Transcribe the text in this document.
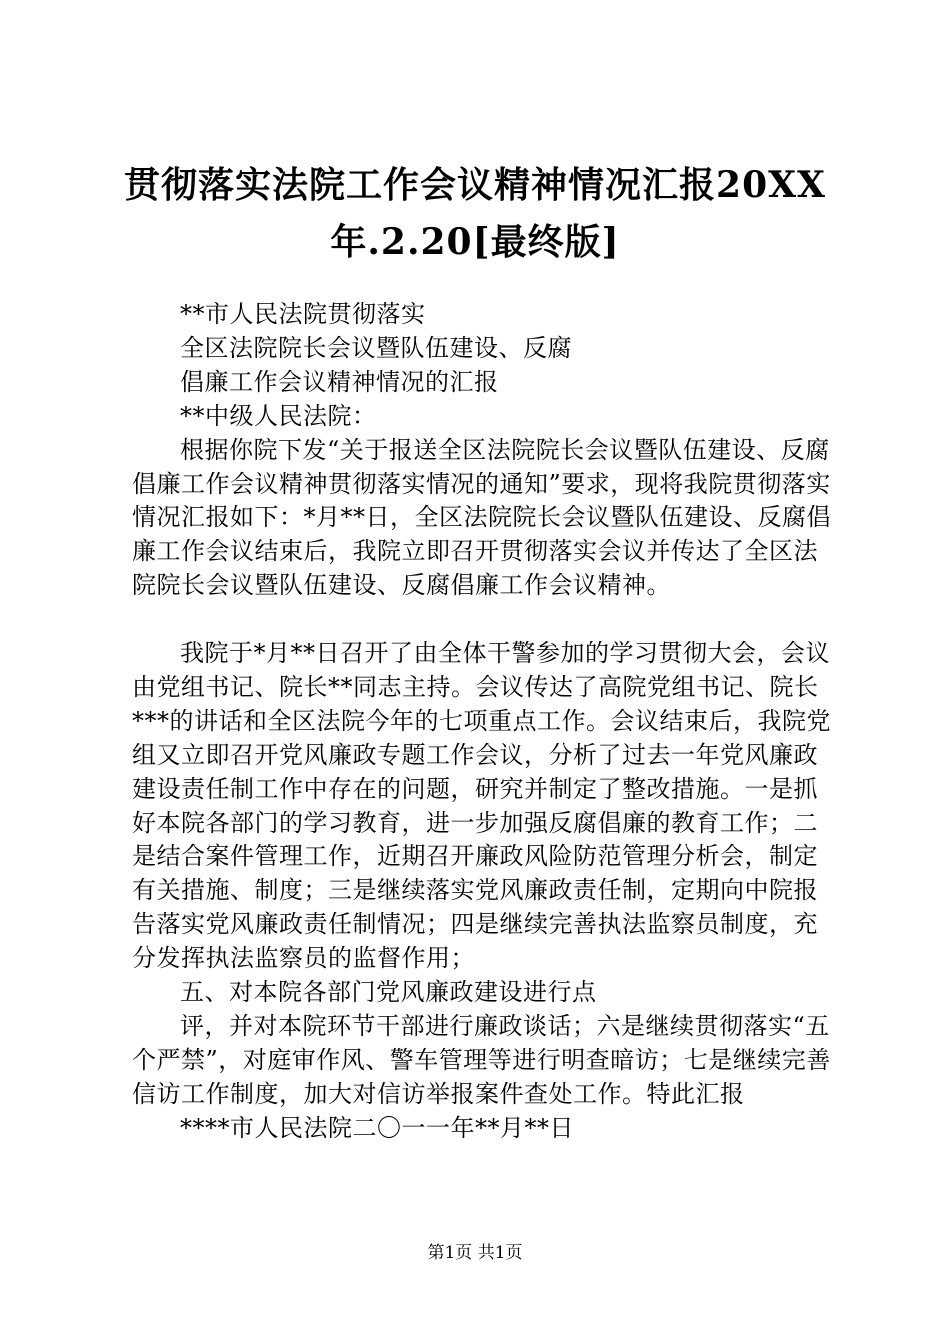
贯彻落实法院工作会议精神情况汇报20XX
年.2.20[最终版]

**市人民法院贯彻落实

全区法院院长会议暨队伍建设、反腐

倡廉工作会议精神情况的汇报

**中级人民法院：

根据你院下发“关于报送全区法院院长会议暨队伍建设、反腐倡廉工作会议精神贯彻落实情况的通知”要求，现将我院贯彻落实情况汇报如下：*月**日，全区法院院长会议暨队伍建设、反腐倡廉工作会议结束后，我院立即召开贯彻落实会议并传达了全区法院院长会议暨队伍建设、反腐倡廉工作会议精神。

我院于*月**日召开了由全体干警参加的学习贯彻大会，会议由党组书记、院长**同志主持。会议传达了高院党组书记、院长***的讲话和全区法院今年的七项重点工作。会议结束后，我院党组又立即召开党风廉政专题工作会议，分析了过去一年党风廉政建设责任制工作中存在的问题，研究并制定了整改措施。一是抓好本院各部门的学习教育，进一步加强反腐倡廉的教育工作；二是结合案件管理工作，近期召开廉政风险防范管理分析会，制定有关措施、制度；三是继续落实党风廉政责任制，定期向中院报告落实党风廉政责任制情况；四是继续完善执法监察员制度，充分发挥执法监察员的监督作用；

五、对本院各部门党风廉政建设进行点

评，并对本院环节干部进行廉政谈话；六是继续贯彻落实“五个严禁”，对庭审作风、警车管理等进行明查暗访；七是继续完善信访工作制度，加大对信访举报案件查处工作。特此汇报

****市人民法院二〇一一年**月**日

第1页 共1页
